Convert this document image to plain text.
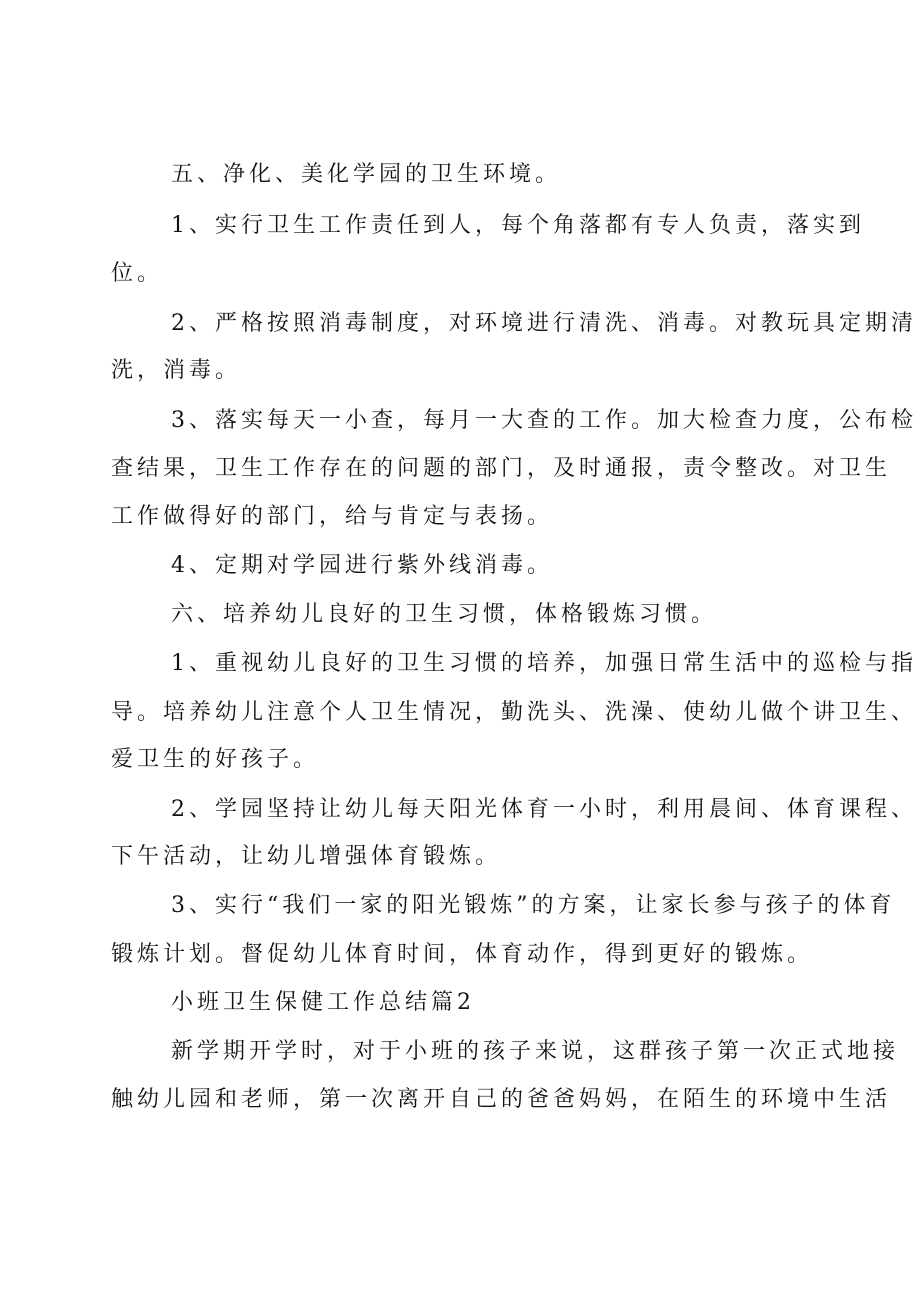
五、净化、美化学园的卫生环境。
1、实行卫生工作责任到人，每个角落都有专人负责，落实到
位。
2、严格按照消毒制度，对环境进行清洗、消毒。对教玩具定期清
洗，消毒。
3、落实每天一小查，每月一大查的工作。加大检查力度，公布检
查结果，卫生工作存在的问题的部门，及时通报，责令整改。对卫生
工作做得好的部门，给与肯定与表扬。
4、定期对学园进行紫外线消毒。
六、培养幼儿良好的卫生习惯，体格锻炼习惯。
1、重视幼儿良好的卫生习惯的培养，加强日常生活中的巡检与指
导。培养幼儿注意个人卫生情况，勤洗头、洗澡、使幼儿做个讲卫生、
爱卫生的好孩子。
2、学园坚持让幼儿每天阳光体育一小时，利用晨间、体育课程、
下午活动，让幼儿增强体育锻炼。
3、实行“我们一家的阳光锻炼”的方案，让家长参与孩子的体育
锻炼计划。督促幼儿体育时间，体育动作，得到更好的锻炼。
小班卫生保健工作总结篇2
新学期开学时，对于小班的孩子来说，这群孩子第一次正式地接
触幼儿园和老师，第一次离开自己的爸爸妈妈，在陌生的环境中生活
